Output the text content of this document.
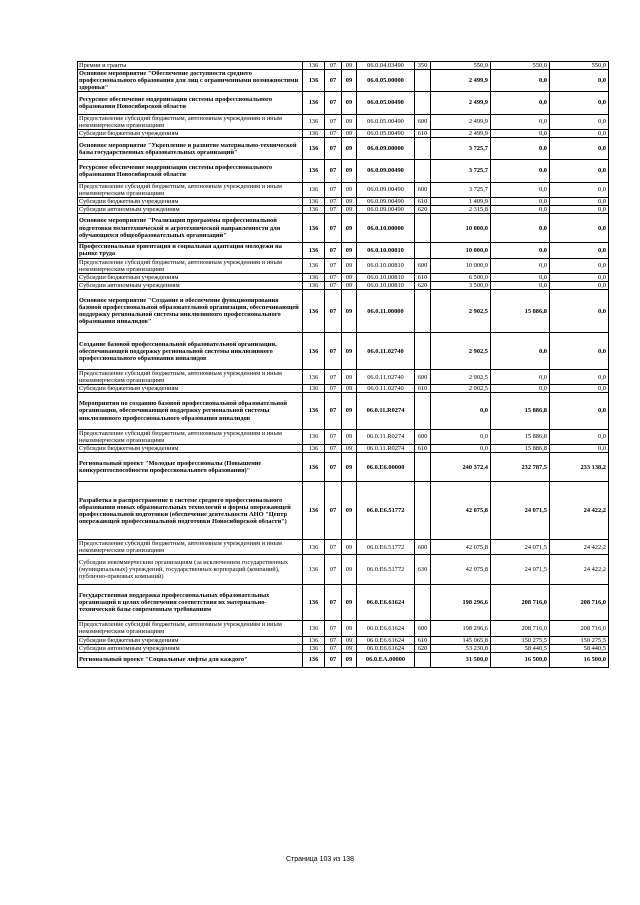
Премии и гранты	136	07	09	06.0.04.03490	350	550,0	550,0	550,0
Основное мероприятие "Обеспечение доступности среднего профессионального образования для лиц с ограниченными возможностями здоровья"	136	07	09	06.0.05.00000		2 499,9	0,0	0,0
Ресурсное обеспечение модернизации системы профессионального образования Новосибирской области	136	07	09	06.0.05.00490		2 499,9	0,0	0,0
Предоставление субсидий бюджетным, автономным учреждениям и иным некоммерческим организациям	136	07	09	06.0.05.00490	600	2 499,9	0,0	0,0
Субсидии бюджетным учреждениям	136	07	09	06.0.05.00490	610	2 499,9	0,0	0,0
Основное мероприятие "Укрепление и развитие материально-технической базы государственных образовательных организаций"	136	07	09	06.0.09.00000		3 725,7	0,0	0,0
Ресурсное обеспечение модернизации системы профессионального образования Новосибирской области	136	07	09	06.0.09.00490		3 725,7	0,0	0,0
Предоставление субсидий бюджетным, автономным учреждениям и иным некоммерческим организациям	136	07	09	06.0.09.00490	600	3 725,7	0,0	0,0
Субсидии бюджетным учреждениям	136	07	09	06.0.09.00490	610	1 409,9	0,0	0,0
Субсидии автономным учреждениям	136	07	09	06.0.09.00490	620	2 315,8	0,0	0,0
Основное мероприятие "Реализация программы профессиональной подготовки политехнической и агротехнической направленности для обучающихся общеобразовательных организаций"	136	07	09	06.0.10.00000		10 000,0	0,0	0,0
Профессиональная ориентация и социальная адаптация молодежи на рынке труда	136	07	09	06.0.10.00810		10 000,0	0,0	0,0
Предоставление субсидий бюджетным, автономным учреждениям и иным некоммерческим организациям	136	07	09	06.0.10.00810	600	10 000,0	0,0	0,0
Субсидии бюджетным учреждениям	136	07	09	06.0.10.00810	610	6 500,0	0,0	0,0
Субсидии автономным учреждениям	136	07	09	06.0.10.00810	620	3 500,0	0,0	0,0
Основное мероприятие "Создание и обеспечение функционирования базовой профессиональной образовательной организации, обеспечивающей поддержку региональной системы инклюзивного профессионального образования инвалидов"	136	07	09	06.0.11.00000		2 902,5	15 886,8	0,0
Создание базовой профессиональной образовательной организации, обеспечивающей поддержку региональной системы инклюзивного профессионального образования инвалидов	136	07	09	06.0.11.02740		2 902,5	0,0	0,0
Предоставление субсидий бюджетным, автономным учреждениям и иным некоммерческим организациям	136	07	09	06.0.11.02740	600	2 902,5	0,0	0,0
Субсидии бюджетным учреждениям	136	07	09	06.0.11.02740	610	2 902,5	0,0	0,0
Мероприятия по созданию базовой профессиональной образовательной организации, обеспечивающей поддержку региональной системы инклюзивного профессионального образования инвалидов	136	07	09	06.0.11.R0274		0,0	15 886,8	0,0
Предоставление субсидий бюджетным, автономным учреждениям и иным некоммерческим организациям	136	07	09	06.0.11.R0274	600	0,0	15 886,8	0,0
Субсидии бюджетным учреждениям	136	07	09	06.0.11.R0274	610	0,0	15 886,8	0,0
Региональный проект "Молодые профессионалы (Повышение конкурентоспособности профессионального образования)"	136	07	09	06.0.E6.00000		240 372,4	232 787,5	233 138,2
Разработка и распространение в системе среднего профессионального образования новых образовательных технологий и формы опережающей профессиональной подготовки (обеспечение деятельности АНО "Центр опережающей профессиональной подготовки Новосибирской области")	136	07	09	06.0.E6.51772		42 075,8	24 071,5	24 422,2
Предоставление субсидий бюджетным, автономным учреждениям и иным некоммерческим организациям	136	07	09	06.0.E6.51772	600	42 075,8	24 071,5	24 422,2
Субсидии некоммерческим организациям (за исключением государственных (муниципальных) учреждений, государственных корпораций (компаний), публично-правовых компаний)	136	07	09	06.0.E6.51772	630	42 075,8	24 071,5	24 422,2
Государственная поддержка профессиональных образовательных организаций в целях обеспечения соответствия их материально-технической базы современным требованиям	136	07	09	06.0.E6.61624		198 296,6	208 716,0	208 716,0
Предоставление субсидий бюджетным, автономным учреждениям и иным некоммерческим организациям	136	07	09	06.0.E6.61624	600	198 296,6	208 716,0	208 716,0
Субсидии бюджетным учреждениям	136	07	09	06.0.E6.61624	610	145 065,8	150 275,5	150 275,5
Субсидии автономным учреждениям	136	07	09	06.0.E6.61624	620	53 230,8	58 440,5	58 440,5
Региональный проект "Социальные лифты для каждого"	136	07	09	06.0.EA.00000		31 500,0	16 500,0	16 500,0
Страница 103 из 138
